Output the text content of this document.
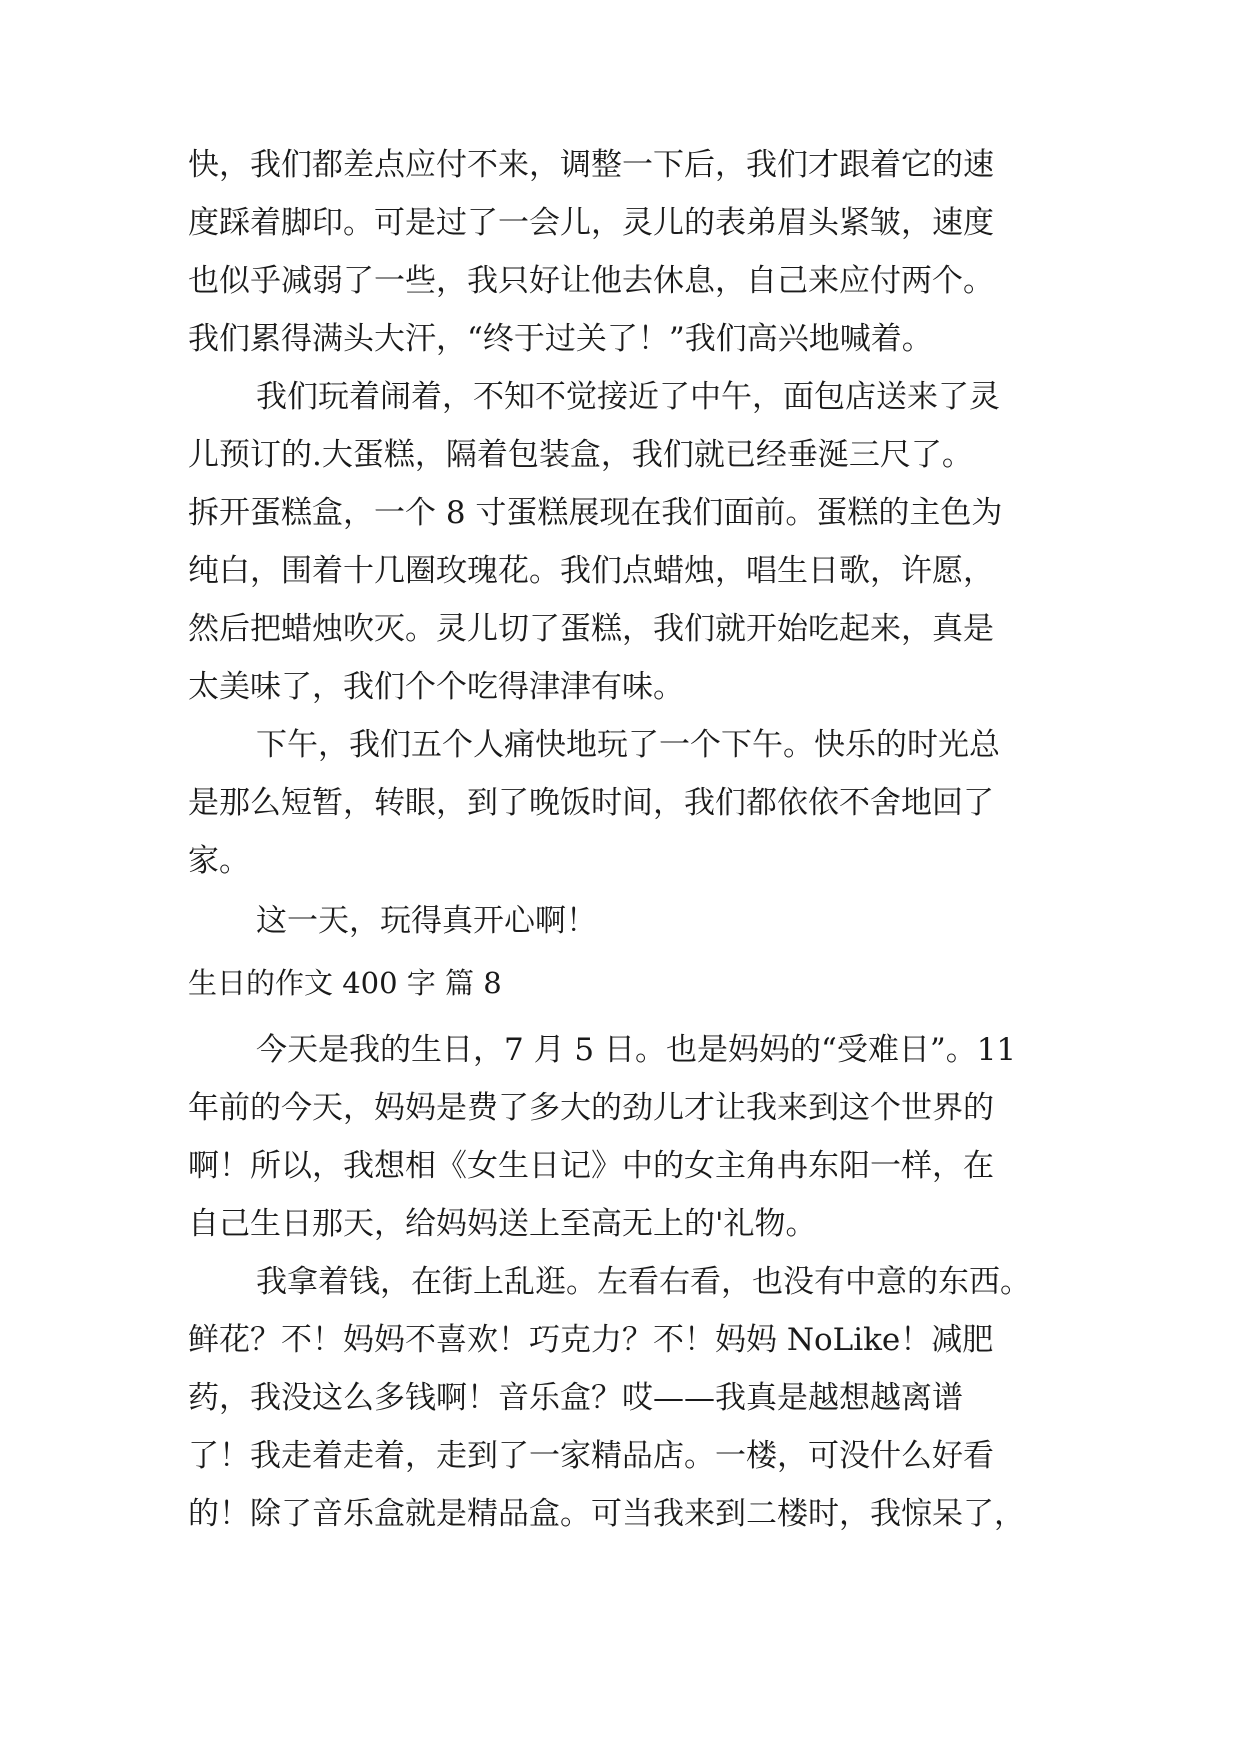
快，我们都差点应付不来，调整一下后，我们才跟着它的速

度踩着脚印。可是过了一会儿，灵儿的表弟眉头紧皱，速度

也似乎减弱了一些，我只好让他去休息，自己来应付两个。

我们累得满头大汗，“终于过关了！”我们高兴地喊着。

我们玩着闹着，不知不觉接近了中午，面包店送来了灵

儿预订的.大蛋糕，隔着包装盒，我们就已经垂涎三尺了。

拆开蛋糕盒，一个 8 寸蛋糕展现在我们面前。蛋糕的主色为

纯白，围着十几圈玫瑰花。我们点蜡烛，唱生日歌，许愿，

然后把蜡烛吹灭。灵儿切了蛋糕，我们就开始吃起来，真是

太美味了，我们个个吃得津津有味。

下午，我们五个人痛快地玩了一个下午。快乐的时光总

是那么短暂，转眼，到了晚饭时间，我们都依依不舍地回了

家。

这一天，玩得真开心啊！

生日的作文 400 字 篇 8

今天是我的生日，7 月 5 日。也是妈妈的“受难日”。11

年前的今天，妈妈是费了多大的劲儿才让我来到这个世界的

啊！所以，我想相《女生日记》中的女主角冉东阳一样，在

自己生日那天，给妈妈送上至高无上的'礼物。

我拿着钱，在街上乱逛。左看右看，也没有中意的东西。

鲜花？不！妈妈不喜欢！巧克力？不！妈妈 NoLike！减肥

药，我没这么多钱啊！音乐盒？哎——我真是越想越离谱

了！我走着走着，走到了一家精品店。一楼，可没什么好看

的！除了音乐盒就是精品盒。可当我来到二楼时，我惊呆了，
